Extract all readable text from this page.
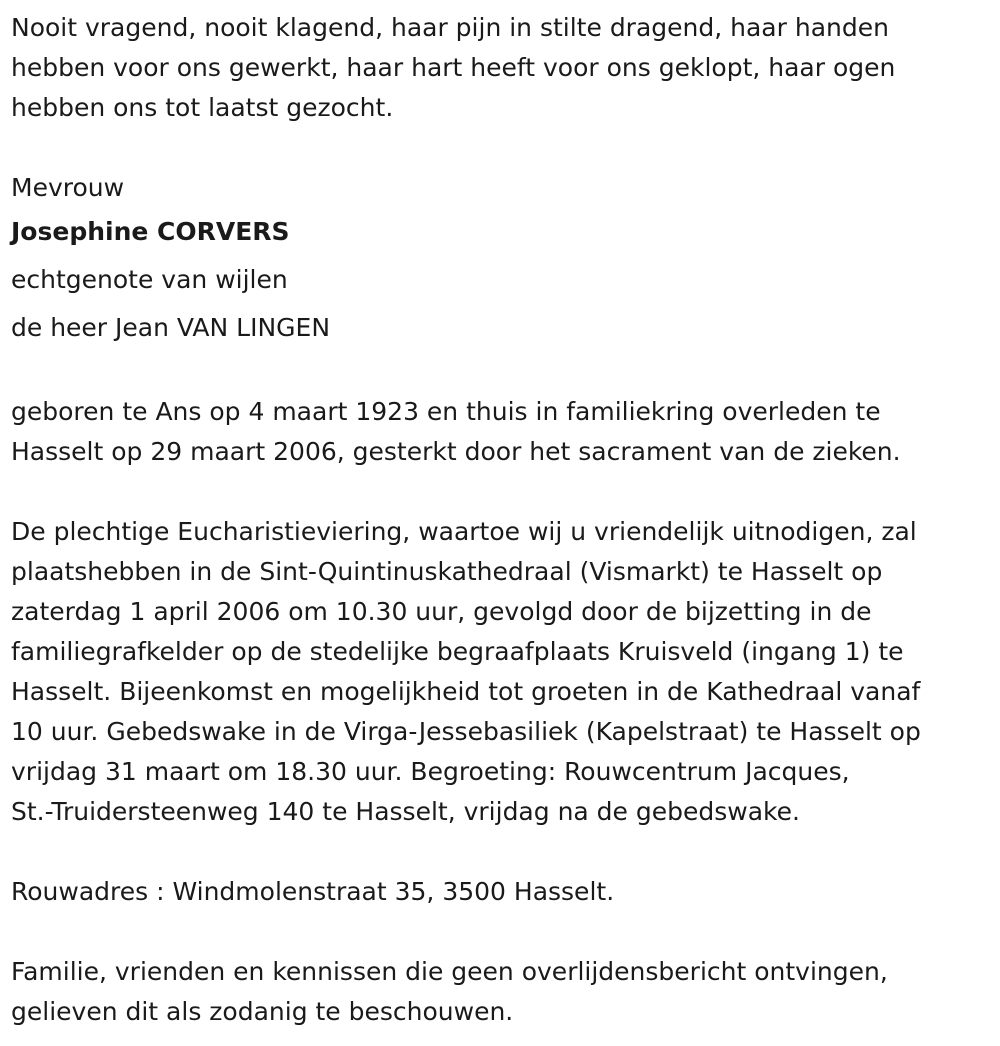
Nooit vragend, nooit klagend, haar pijn in stilte dragend, haar handen
hebben voor ons gewerkt, haar hart heeft voor ons geklopt, haar ogen
hebben ons tot laatst gezocht.

Mevrouw
Josephine CORVERS
echtgenote van wijlen
de heer Jean VAN LINGEN

geboren te Ans op 4 maart 1923 en thuis in familiekring overleden te
Hasselt op 29 maart 2006, gesterkt door het sacrament van de zieken.

De plechtige Eucharistieviering, waartoe wij u vriendelijk uitnodigen, zal
plaatshebben in de Sint-Quintinuskathedraal (Vismarkt) te Hasselt op
zaterdag 1 april 2006 om 10.30 uur, gevolgd door de bijzetting in de
familiegrafkelder op de stedelijke begraafplaats Kruisveld (ingang 1) te
Hasselt. Bijeenkomst en mogelijkheid tot groeten in de Kathedraal vanaf
10 uur. Gebedswake in de Virga-Jessebasiliek (Kapelstraat) te Hasselt op
vrijdag 31 maart om 18.30 uur. Begroeting: Rouwcentrum Jacques,
St.-Truidersteenweg 140 te Hasselt, vrijdag na de gebedswake.

Rouwadres : Windmolenstraat 35, 3500 Hasselt.

Familie, vrienden en kennissen die geen overlijdensbericht ontvingen,
gelieven dit als zodanig te beschouwen.
